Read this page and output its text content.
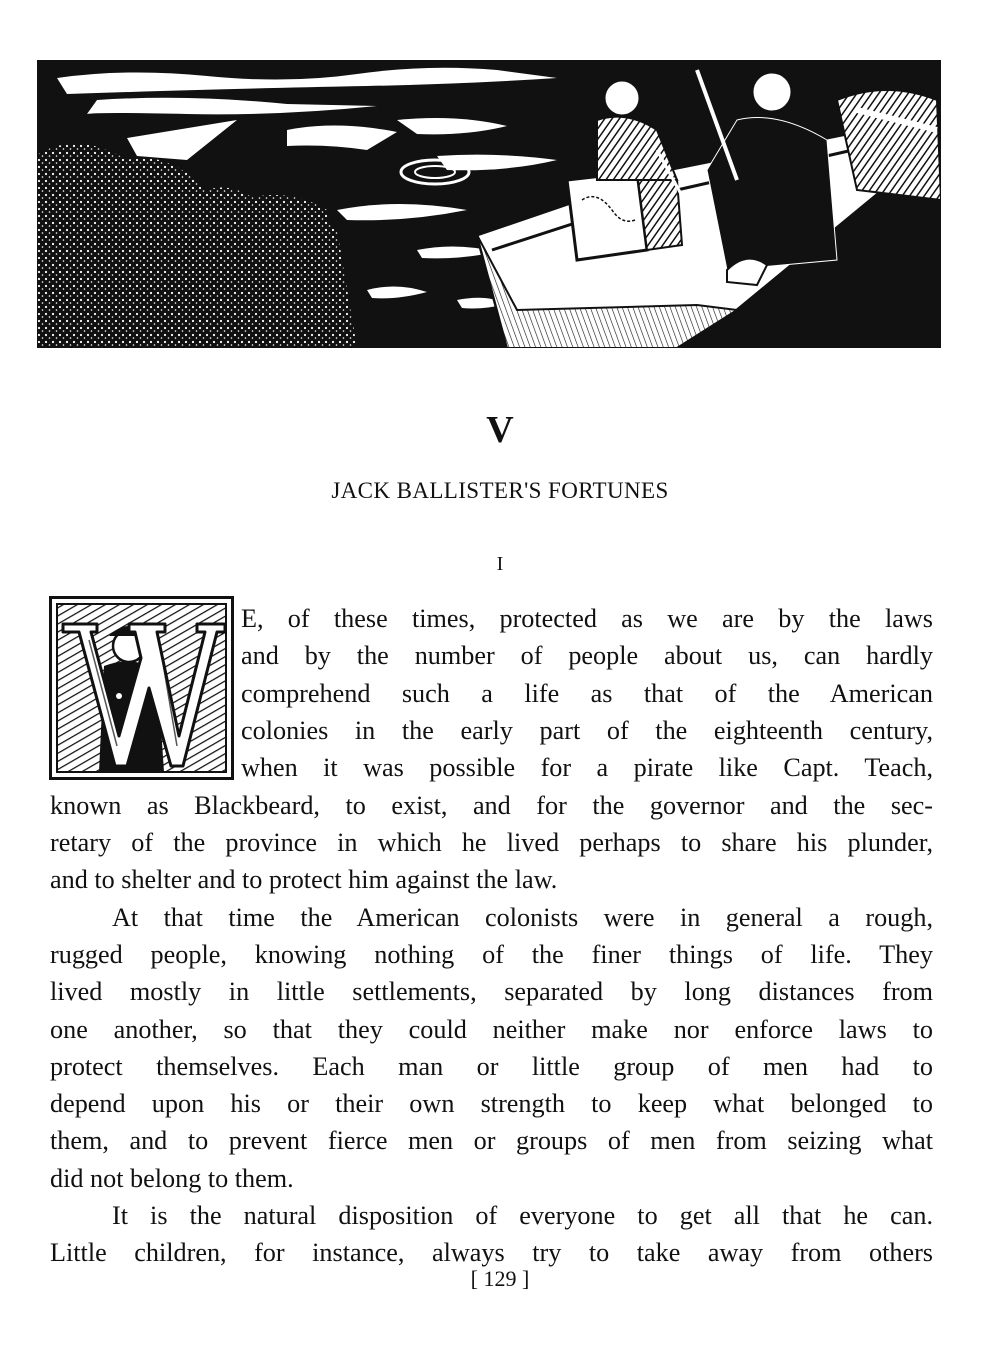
V
JACK BALLISTER'S FORTUNES
I
E, of these times, protected as we are by the laws
and by the number of people about us, can hardly
comprehend such a life as that of the American
colonies in the early part of the eighteenth century,
when it was possible for a pirate like Capt. Teach,
known as Blackbeard, to exist, and for the governor and the sec-
retary of the province in which he lived perhaps to share his plunder,
and to shelter and to protect him against the law.
At that time the American colonists were in general a rough,
rugged people, knowing nothing of the finer things of life. They
lived mostly in little settlements, separated by long distances from
one another, so that they could neither make nor enforce laws to
protect themselves. Each man or little group of men had to
depend upon his or their own strength to keep what belonged to
them, and to prevent fierce men or groups of men from seizing what
did not belong to them.
It is the natural disposition of everyone to get all that he can.
Little children, for instance, always try to take away from others
[ 129 ]
